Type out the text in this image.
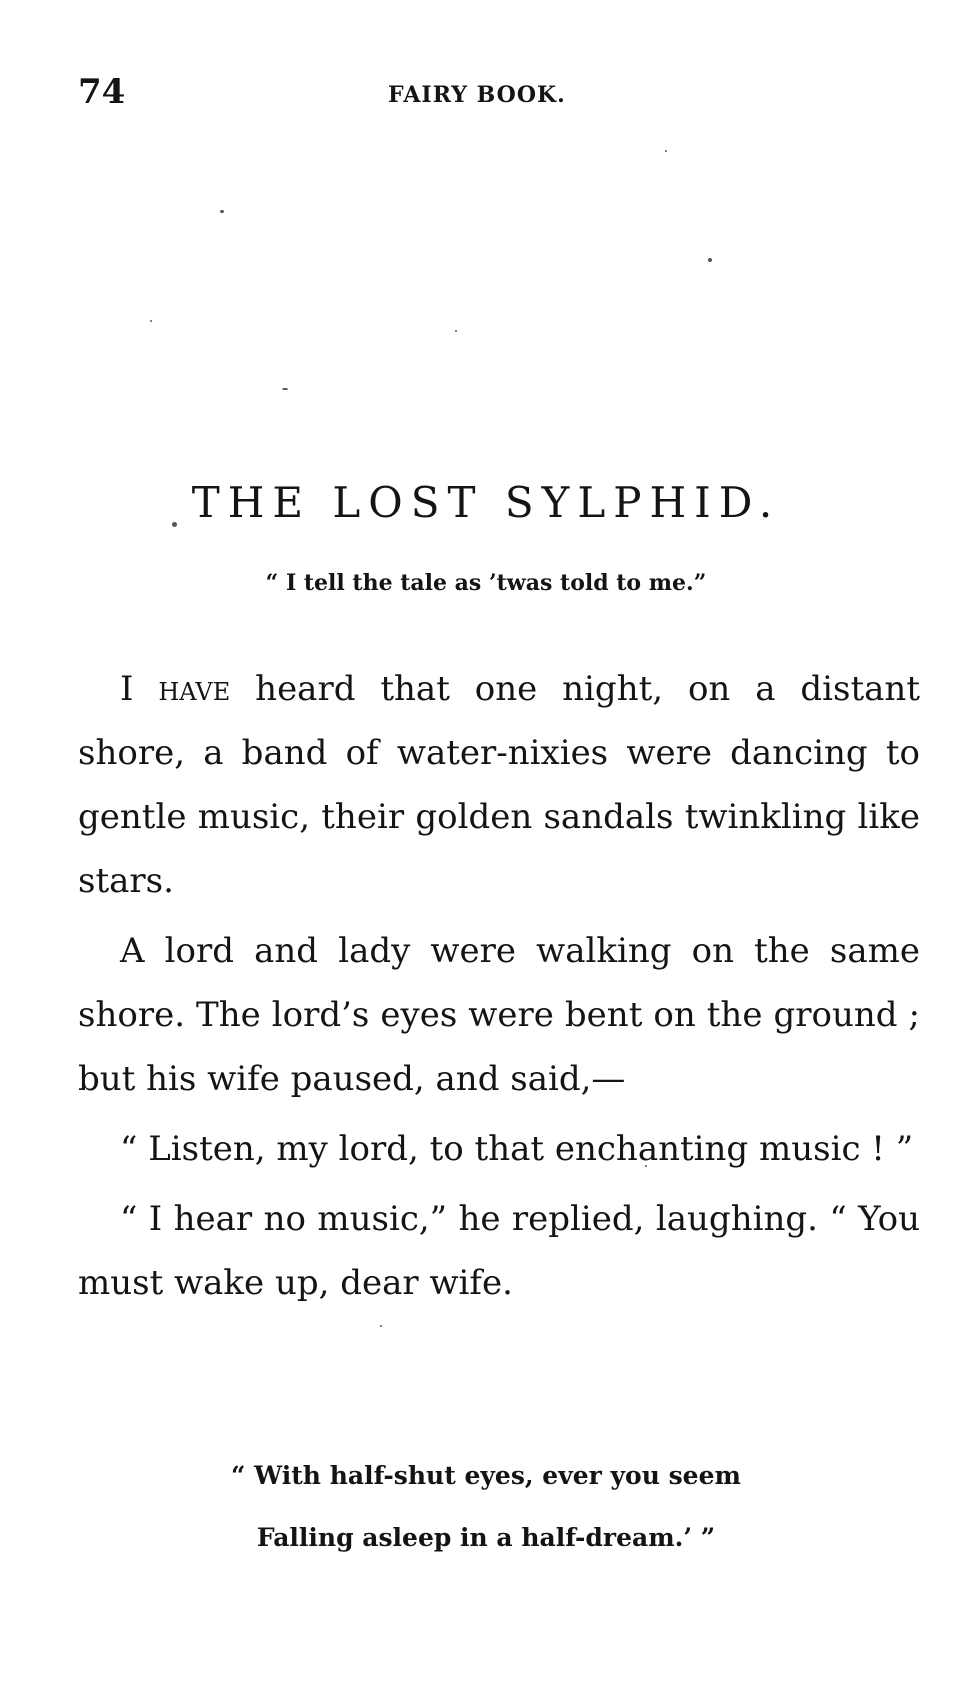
74	FAIRY BOOK.
THE LOST SYLPHID.
“ I tell the tale as ’twas told to me.”

I have heard that one night, on a distant shore, a band of water-nixies were dancing to gentle music, their golden sandals twinkling like stars.

A lord and lady were walking on the same shore. The lord’s eyes were bent on the ground ; but his wife paused, and said,—

“ Listen, my lord, to that enchanting music ! ”

“ I hear no music,” he replied, laughing. “ You must wake up, dear wife.

“ With half-shut eyes, ever you seem
Falling asleep in a half-dream.’ ”
